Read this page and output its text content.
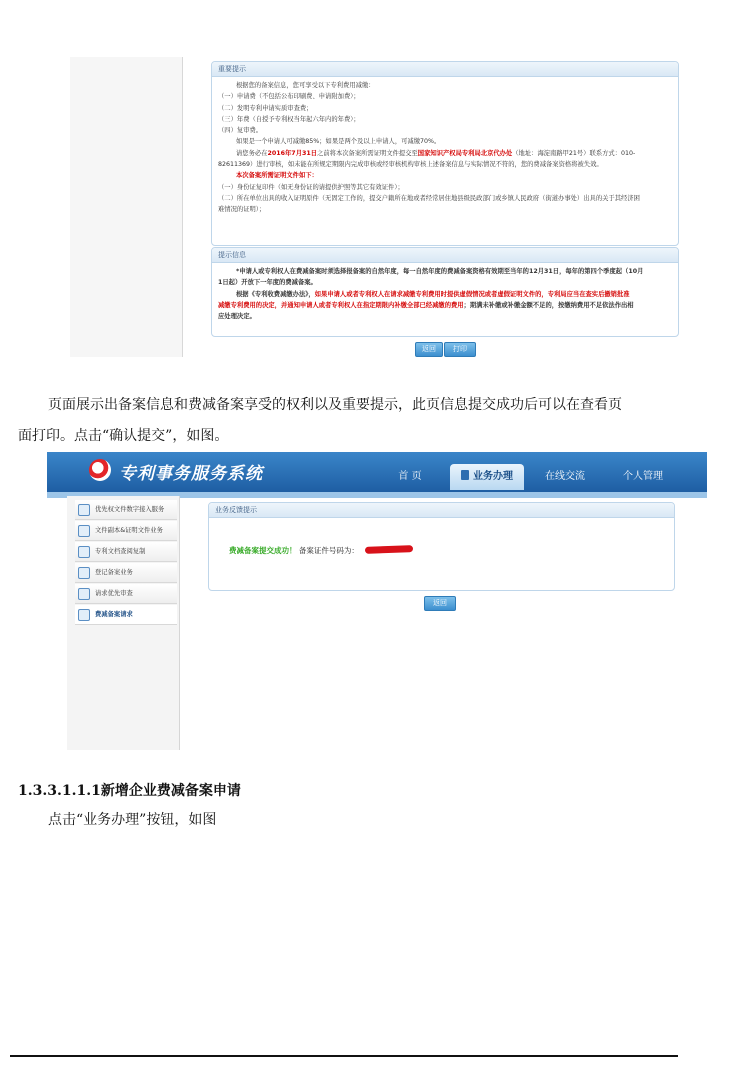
重要提示
根据您的备案信息，您可享受以下专利费用减缴：
（一）申请费（不包括公布印刷费、申请附加费）；
（二）发明专利申请实质审查费；
（三）年费（自授予专利权当年起六年内的年费）；
（四）复审费。
如果是一个申请人可减缴85%；如果是两个及以上申请人，可减缴70%。
请您务必在2016年7月31日之前将本次备案所需证明文件提交至国家知识产权局专利局北京代办处（地址：海淀南路甲21号）联系方式：010-
82611369）进行审核，如未能在所规定期限内完成审核或经审核机构审核上述备案信息与实际情况不符的，您的费减备案资格将被失效。
本次备案所需证明文件如下：
（一）身份证复印件（如无身份证的请提供护照等其它有效证件）；
（二）所在单位出具的收入证明原件（无固定工作的，提交户籍所在地或者经常居住地县级民政部门或乡镇人民政府（街道办事处）出具的关于其经济困
难情况的证明）；
提示信息
*申请人或专利权人在费减备案时须选择报备案的自然年度，每一自然年度的费减备案资格有效期至当年的12月31日，每年的第四个季度起（10月
1日起）开放下一年度的费减备案。
根据《专利收费减缴办法》，如果申请人或者专利权人在请求减缴专利费用时提供虚假情况或者虚假证明文件的，专利局应当在查实后撤销批准
减缴专利费用的决定，并通知申请人或者专利权人在指定期限内补缴全部已经减缴的费用；期满未补缴或补缴金额不足的，按缴纳费用不足依法作出相
应处理决定。
返回	打印
页面展示出备案信息和费减备案享受的权利以及重要提示，此页信息提交成功后可以在查看页
面打印。点击“确认提交”，如图。
专利事务服务系统	首 页	业务办理	在线交流	个人管理
优先权文件数字接入服务
文件副本&证明文件业务
专利文档查阅复制
登记备案业务
请求优先审查
费减备案请求
业务反馈提示
费减备案提交成功！ 备案证件号码为：
返回
1.3.3.1.1.1新增企业费减备案申请
点击“业务办理”按钮，如图
